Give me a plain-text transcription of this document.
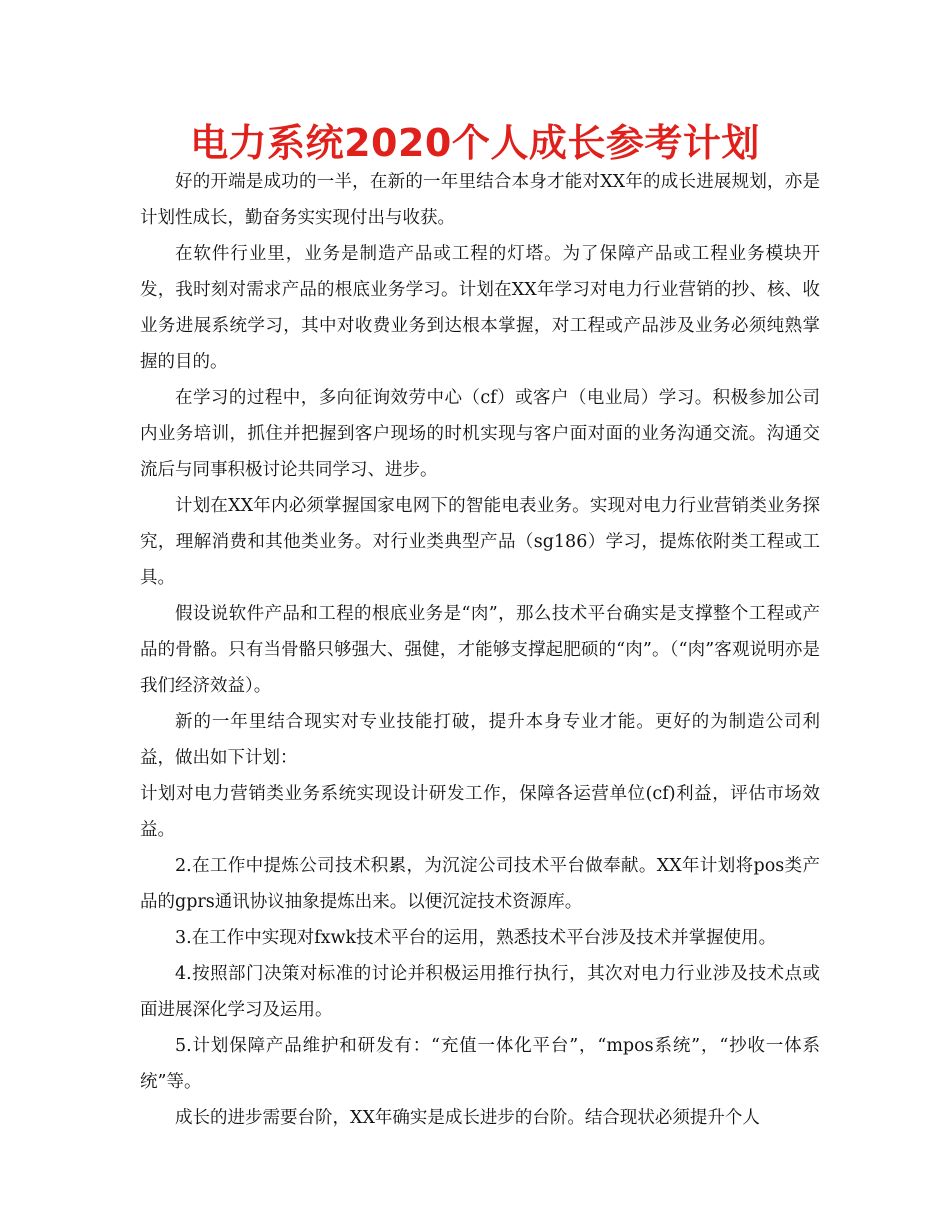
电力系统2020个人成长参考计划

好的开端是成功的一半，在新的一年里结合本身才能对XX年的成长进展规划，亦是计划性成长，勤奋务实实现付出与收获。

在软件行业里，业务是制造产品或工程的灯塔。为了保障产品或工程业务模块开发，我时刻对需求产品的根底业务学习。计划在XX年学习对电力行业营销的抄、核、收业务进展系统学习，其中对收费业务到达根本掌握，对工程或产品涉及业务必须纯熟掌握的目的。

在学习的过程中，多向征询效劳中心（cf）或客户（电业局）学习。积极参加公司内业务培训，抓住并把握到客户现场的时机实现与客户面对面的业务沟通交流。沟通交流后与同事积极讨论共同学习、进步。

计划在XX年内必须掌握国家电网下的智能电表业务。实现对电力行业营销类业务探究，理解消费和其他类业务。对行业类典型产品（sg186）学习，提炼依附类工程或工具。

假设说软件产品和工程的根底业务是“肉”，那么技术平台确实是支撑整个工程或产品的骨骼。只有当骨骼只够强大、强健，才能够支撑起肥硕的“肉”。（“肉”客观说明亦是我们经济效益）。

新的一年里结合现实对专业技能打破，提升本身专业才能。更好的为制造公司利益，做出如下计划：

计划对电力营销类业务系统实现设计研发工作，保障各运营单位(cf)利益，评估市场效益。

2.在工作中提炼公司技术积累，为沉淀公司技术平台做奉献。XX年计划将pos类产品的gprs通讯协议抽象提炼出来。以便沉淀技术资源库。

3.在工作中实现对fxwk技术平台的运用，熟悉技术平台涉及技术并掌握使用。

4.按照部门决策对标准的讨论并积极运用推行执行，其次对电力行业涉及技术点或面进展深化学习及运用。

5.计划保障产品维护和研发有：“充值一体化平台”，“mpos系统”，“抄收一体系统”等。

成长的进步需要台阶，XX年确实是成长进步的台阶。结合现状必须提升个人
